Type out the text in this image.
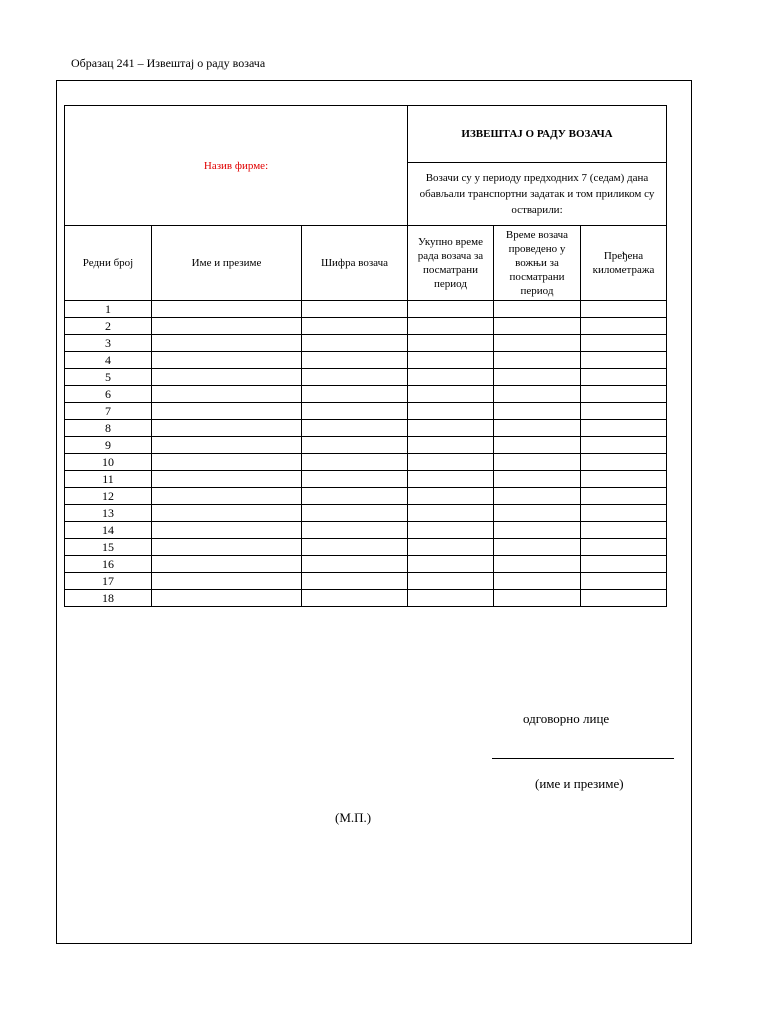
Образац 241 – Извештај о раду возача
Назив фирме:			ИЗВЕШТАЈ О РАДУ ВОЗАЧА		
			Возачи су у периоду предходних 7 (седам) дана обављали транспортни задатак и том приликом су остварили:		
Редни број	Име и презиме	Шифра возача	Укупно време рада возача за посматрани период	Време возача проведено у вожњи за посматрани период	Пређена километража
1					
2					
3					
4					
5					
6					
7					
8					
9					
10					
11					
12					
13					
14					
15					
16					
17					
18					
одговорно лице
(име и презиме)
(М.П.)
